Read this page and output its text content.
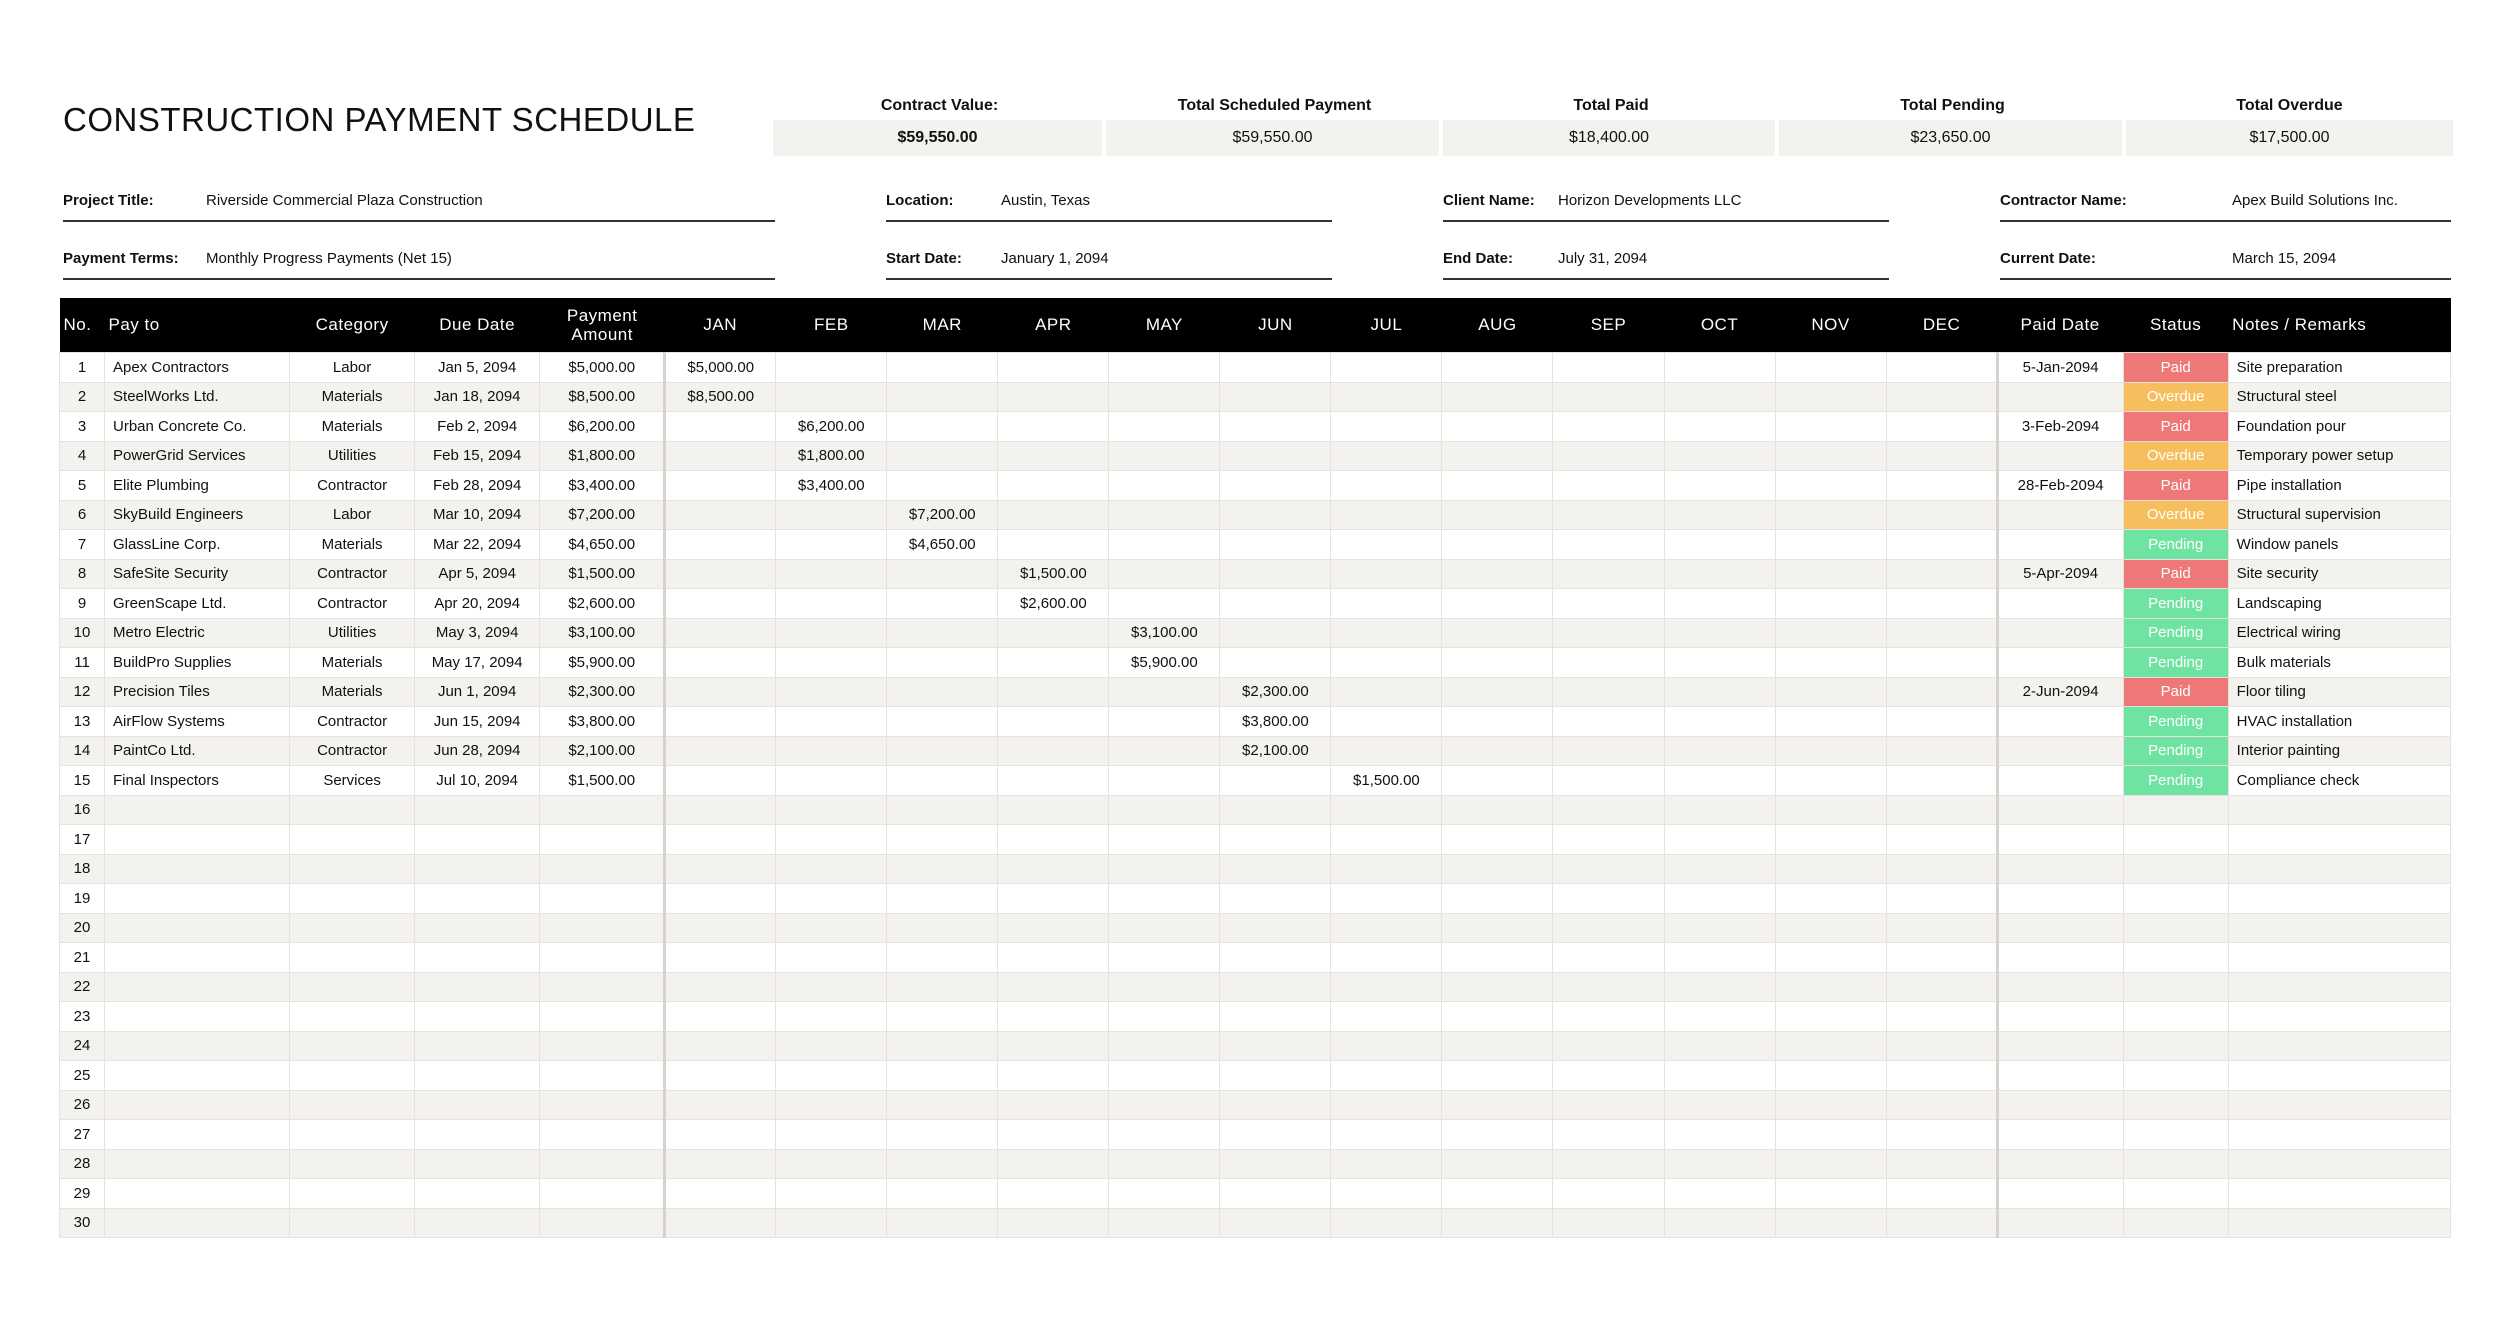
CONSTRUCTION PAYMENT SCHEDULE	Contract Value:	Total Scheduled Payment	Total Paid	Total Pending	Total Overdue
$59,550.00	$59,550.00	$18,400.00	$23,650.00	$17,500.00
Project Title:	Riverside Commercial Plaza Construction
Payment Terms: Monthly Progress Payments (Net 15)
Location:	Austin, Texas
Start Date:	January 1, 2094
Client Name: Horizon Developments LLC
End Date:	July 31, 2094
Contractor Name:	Apex Build Solutions Inc.
Current Date:	March 15, 2094
No.	Pay to	Category	Due Date	Payment Amount	JAN	FEB	MAR	APR	MAY	JUN	JUL	AUG	SEP	OCT	NOV	DEC	Paid Date	Status	Notes / Remarks
1	Apex Contractors	Labor	Jan 5, 2094	$5,000.00	$5,000.00												5-Jan-2094	Paid	Site preparation
2	SteelWorks Ltd.	Materials	Jan 18, 2094	$8,500.00	$8,500.00													Overdue	Structural steel
3	Urban Concrete Co.	Materials	Feb 2, 2094	$6,200.00		$6,200.00											3-Feb-2094	Paid	Foundation pour
4	PowerGrid Services	Utilities	Feb 15, 2094	$1,800.00		$1,800.00												Overdue	Temporary power setup
5	Elite Plumbing	Contractor	Feb 28, 2094	$3,400.00		$3,400.00											28-Feb-2094	Paid	Pipe installation
6	SkyBuild Engineers	Labor	Mar 10, 2094	$7,200.00			$7,200.00											Overdue	Structural supervision
7	GlassLine Corp.	Materials	Mar 22, 2094	$4,650.00			$4,650.00											Pending	Window panels
8	SafeSite Security	Contractor	Apr 5, 2094	$1,500.00				$1,500.00									5-Apr-2094	Paid	Site security
9	GreenScape Ltd.	Contractor	Apr 20, 2094	$2,600.00				$2,600.00										Pending	Landscaping
10	Metro Electric	Utilities	May 3, 2094	$3,100.00					$3,100.00									Pending	Electrical wiring
11	BuildPro Supplies	Materials	May 17, 2094	$5,900.00					$5,900.00									Pending	Bulk materials
12	Precision Tiles	Materials	Jun 1, 2094	$2,300.00						$2,300.00							2-Jun-2094	Paid	Floor tiling
13	AirFlow Systems	Contractor	Jun 15, 2094	$3,800.00						$3,800.00								Pending	HVAC installation
14	PaintCo Ltd.	Contractor	Jun 28, 2094	$2,100.00						$2,100.00								Pending	Interior painting
15	Final Inspectors	Services	Jul 10, 2094	$1,500.00							$1,500.00							Pending	Compliance check
16																			
17																			
18																			
19																			
20																			
21																			
22																			
23																			
24																			
25																			
26																			
27																			
28																			
29																			
30																			
